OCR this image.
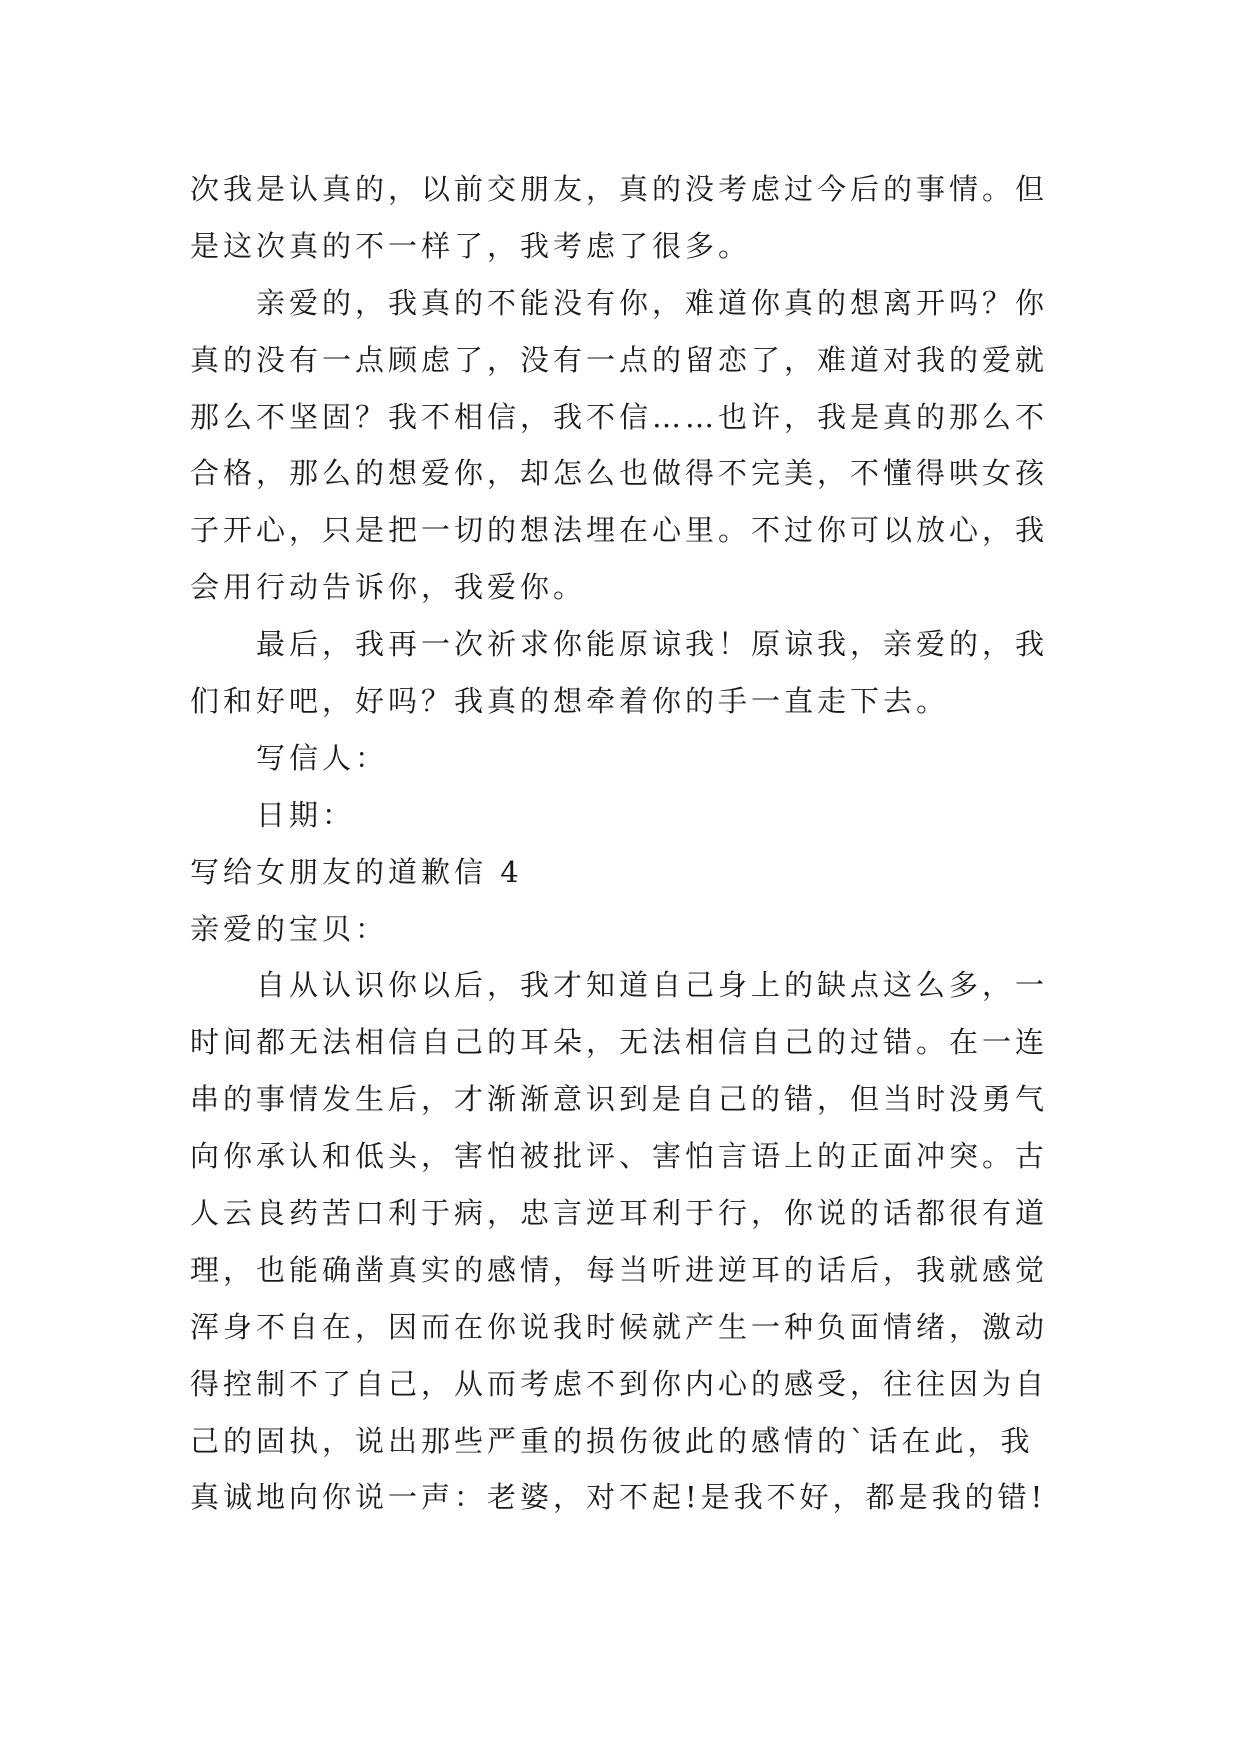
次我是认真的，以前交朋友，真的没考虑过今后的事情。但
是这次真的不一样了，我考虑了很多。
亲爱的，我真的不能没有你，难道你真的想离开吗？你
真的没有一点顾虑了，没有一点的留恋了，难道对我的爱就
那么不坚固？我不相信，我不信……也许，我是真的那么不
合格，那么的想爱你，却怎么也做得不完美，不懂得哄女孩
子开心，只是把一切的想法埋在心里。不过你可以放心，我
会用行动告诉你，我爱你。
最后，我再一次祈求你能原谅我！原谅我，亲爱的，我
们和好吧，好吗？我真的想牵着你的手一直走下去。
写信人：
日期：
写给女朋友的道歉信 4
亲爱的宝贝：
自从认识你以后，我才知道自己身上的缺点这么多，一
时间都无法相信自己的耳朵，无法相信自己的过错。在一连
串的事情发生后，才渐渐意识到是自己的错，但当时没勇气
向你承认和低头，害怕被批评、害怕言语上的正面冲突。古
人云良药苦口利于病，忠言逆耳利于行，你说的话都很有道
理，也能确凿真实的感情，每当听进逆耳的话后，我就感觉
浑身不自在，因而在你说我时候就产生一种负面情绪，激动
得控制不了自己，从而考虑不到你内心的感受，往往因为自
己的固执，说出那些严重的损伤彼此的感情的`话在此，我
真诚地向你说一声：老婆，对不起!是我不好，都是我的错!
